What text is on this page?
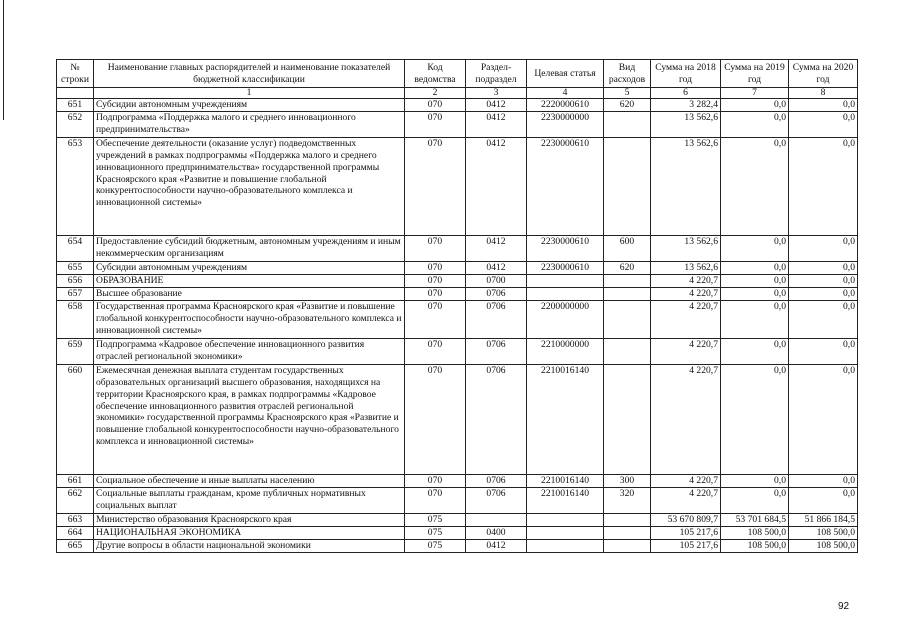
№ строки	Наименование главных распорядителей и наименование показателей бюджетной классификации	Код ведомства	Раздел-подраздел	Целевая статья	Вид расходов	Сумма на 2018 год	Сумма на 2019 год	Сумма на 2020 год
	1	2	3	4	5	6	7	8
651	Субсидии автономным учреждениям	070	0412	2220000610	620	3 282,4	0,0	0,0
652	Подпрограмма «Поддержка малого и среднего инновационного предпринимательства»	070	0412	2230000000		13 562,6	0,0	0,0
653	Обеспечение деятельности (оказание услуг) подведомственных учреждений в рамках подпрограммы «Поддержка малого и среднего инновационного предпринимательства» государственной программы Красноярского края «Развитие и повышение глобальной конкурентоспособности научно-образовательного комплекса и инновационной системы»	070	0412	2230000610		13 562,6	0,0	0,0
654	Предоставление субсидий бюджетным, автономным учреждениям и иным некоммерческим организациям	070	0412	2230000610	600	13 562,6	0,0	0,0
655	Субсидии автономным учреждениям	070	0412	2230000610	620	13 562,6	0,0	0,0
656	ОБРАЗОВАНИЕ	070	0700			4 220,7	0,0	0,0
657	Высшее образование	070	0706			4 220,7	0,0	0,0
658	Государственная программа Красноярского края «Развитие и повышение глобальной конкурентоспособности научно-образовательного комплекса и инновационной системы»	070	0706	2200000000		4 220,7	0,0	0,0
659	Подпрограмма «Кадровое обеспечение инновационного развития отраслей региональной экономики»	070	0706	2210000000		4 220,7	0,0	0,0
660	Ежемесячная денежная выплата студентам государственных образовательных организаций высшего образования, находящихся на территории Красноярского края, в рамках подпрограммы «Кадровое обеспечение инновационного развития отраслей региональной экономики» государственной программы Красноярского края «Развитие и повышение глобальной конкурентоспособности научно-образовательного комплекса и инновационной системы»	070	0706	2210016140		4 220,7	0,0	0,0
661	Социальное обеспечение и иные выплаты населению	070	0706	2210016140	300	4 220,7	0,0	0,0
662	Социальные выплаты гражданам, кроме публичных нормативных социальных выплат	070	0706	2210016140	320	4 220,7	0,0	0,0
663	Министерство образования Красноярского края	075				53 670 809,7	53 701 684,5	51 866 184,5
664	НАЦИОНАЛЬНАЯ ЭКОНОМИКА	075	0400			105 217,6	108 500,0	108 500,0
665	Другие вопросы в области национальной экономики	075	0412			105 217,6	108 500,0	108 500,0
92
